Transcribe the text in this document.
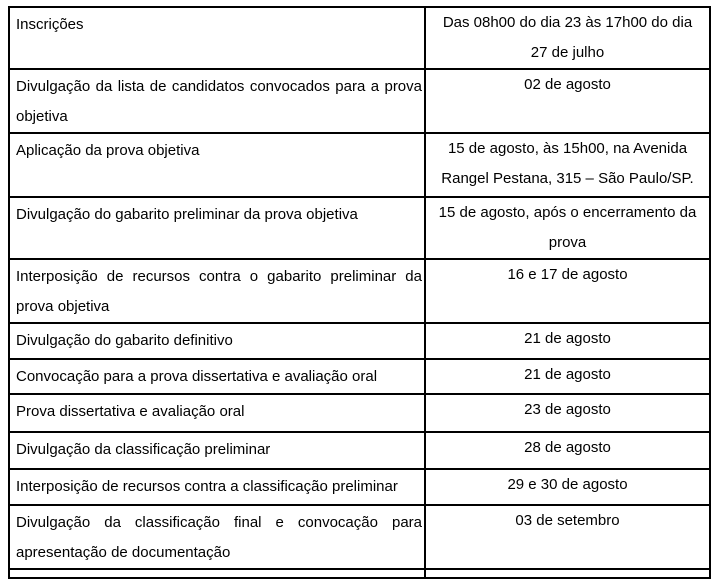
Inscrições	Das 08h00 do dia 23 às 17h00 do dia 27 de julho
Divulgação da lista de candidatos convocados para a prova objetiva	02 de agosto
Aplicação da prova objetiva	15 de agosto, às 15h00, na Avenida Rangel Pestana, 315 – São Paulo/SP.
Divulgação do gabarito preliminar da prova objetiva	15 de agosto, após o encerramento da prova
Interposição de recursos contra o gabarito preliminar da prova objetiva	16 e 17 de agosto
Divulgação do gabarito definitivo	21 de agosto
Convocação para a prova dissertativa e avaliação oral	21 de agosto
Prova dissertativa e avaliação oral	23 de agosto
Divulgação da classificação preliminar	28 de agosto
Interposição de recursos contra a classificação preliminar	29 e 30 de agosto
Divulgação da classificação final e convocação para apresentação de documentação	03 de setembro
